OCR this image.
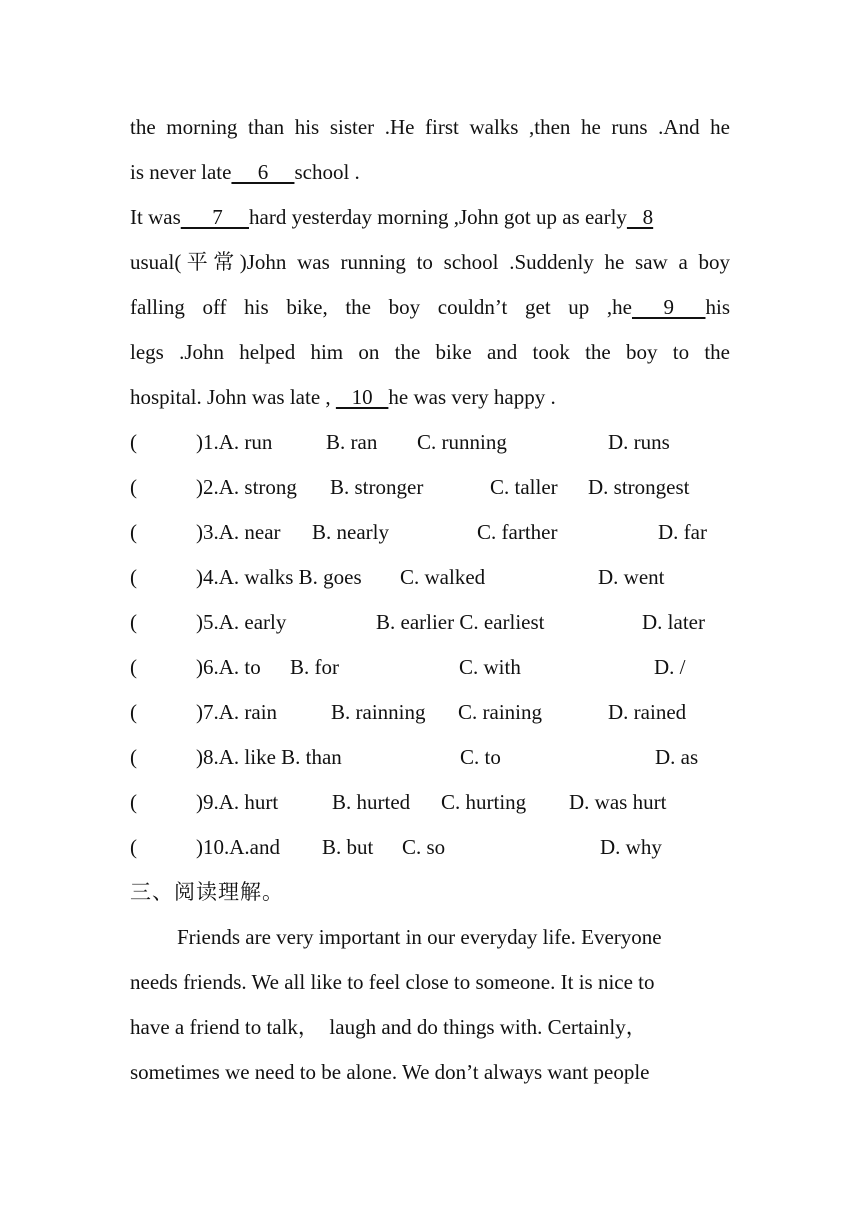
the morning than his sister .He first walks ,then he runs .And he
is never late     6     school .
It was      7     hard yesterday morning ,John got up as early   8
usual(平常)John was running to school .Suddenly he saw a boy
falling off his bike, the boy couldn’t get up ,he      9      his
legs .John helped him on the bike and took the boy to the
hospital. John was late ,    10   he was very happy .
(	)1.A. run	B. ran C. running	D. runs
(	)2.A. strong B. stronger	C. taller D. strongest
(	)3.A. near B. nearly	C. farther	D. far
(	)4.A. walks B. goes C. walked	D. went
(	)5.A. early	B. earlier C. earliest	D. later
(	)6.A. to B. for	C. with	D. /
(	)7.A. rain	B. rainning C. raining	D. rained
(	)8.A. like B. than	C. to	D. as
(	)9.A. hurt	B. hurted C. hurting D. was hurt
(	)10.A.and B. but C. so	D. why
三、阅读理解。
Friends are very important in our everyday life. Everyone
needs friends. We all like to feel close to someone. It is nice to
have a friend to talk，  laugh and do things with. Certainly，
sometimes we need to be alone. We don’t always want people
